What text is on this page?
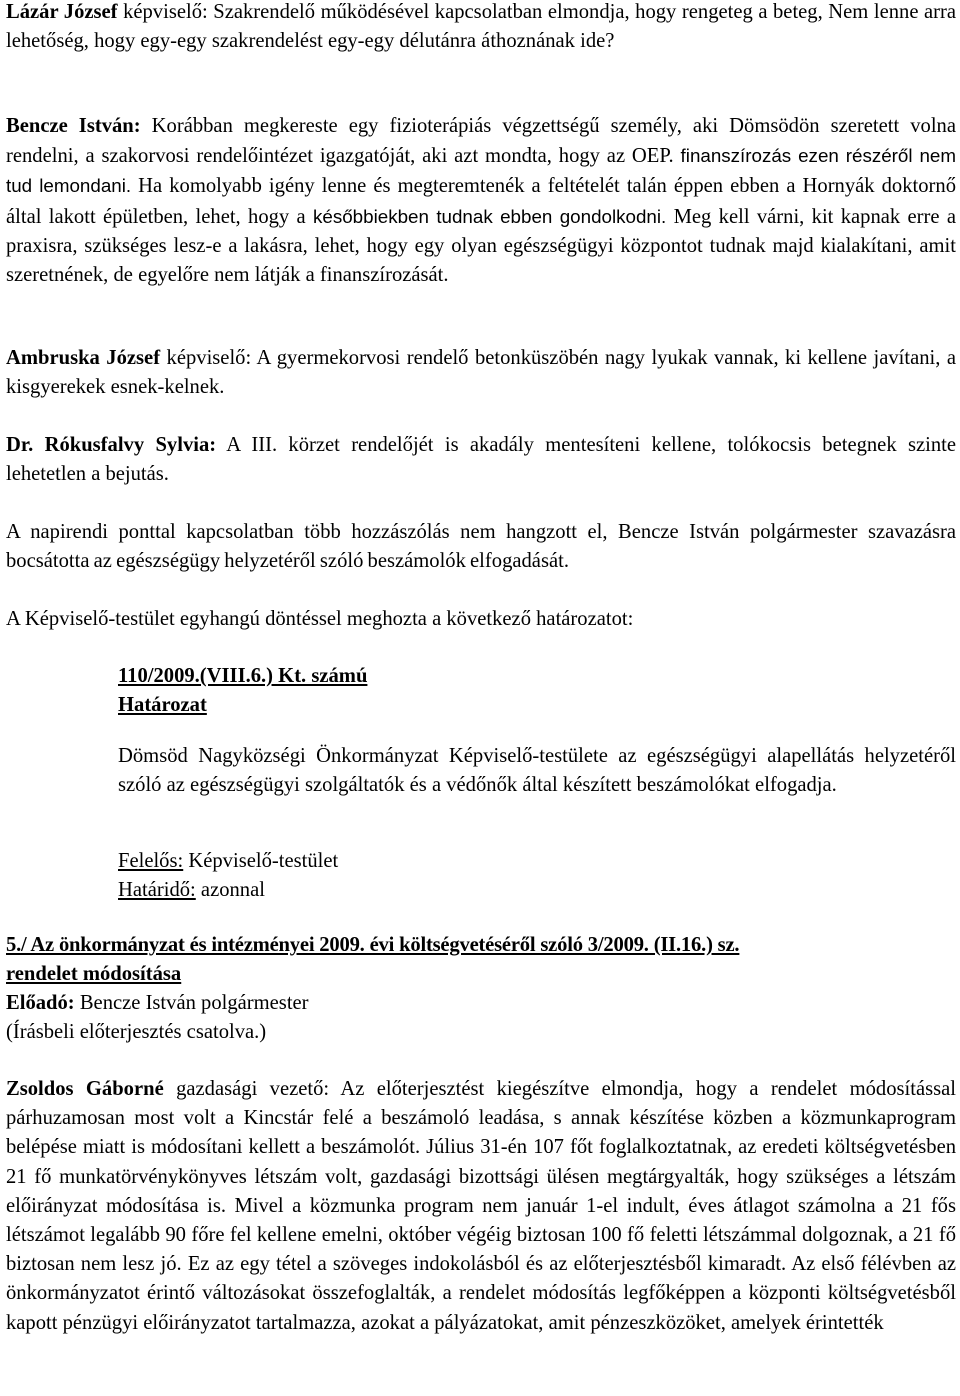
Lázár József képviselő: Szakrendelő működésével kapcsolatban elmondja, hogy rengeteg a beteg, Nem lenne arra lehetőség, hogy egy-egy szakrendelést egy-egy délutánra áthoznának ide?

Bencze István: Korábban megkereste egy fizioterápiás végzettségű személy, aki Dömsödön szeretett volna rendelni, a szakorvosi rendelőintézet igazgatóját, aki azt mondta, hogy az OEP. finanszírozás ezen részéről nem tud lemondani. Ha komolyabb igény lenne és megteremtenék a feltételét talán éppen ebben a Hornyák doktornő által lakott épületben, lehet, hogy a későbbiekben tudnak ebben gondolkodni. Meg kell várni, kit kapnak erre a praxisra, szükséges lesz-e a lakásra, lehet, hogy egy olyan egészségügyi központot tudnak majd kialakítani, amit szeretnének, de egyelőre nem látják a finanszírozását.

Ambruska József képviselő: A gyermekorvosi rendelő betonküszöbén nagy lyukak vannak, ki kellene javítani, a kisgyerekek esnek-kelnek.

Dr. Rókusfalvy Sylvia: A III. körzet rendelőjét is akadály mentesíteni kellene, tolókocsis betegnek szinte lehetetlen a bejutás.

A napirendi ponttal kapcsolatban több hozzászólás nem hangzott el, Bencze István polgármester szavazásra bocsátotta az egészségügy helyzetéről szóló beszámolók elfogadását.

A Képviselő-testület egyhangú döntéssel meghozta a következő határozatot:

110/2009.(VIII.6.) Kt. számú

Határozat

Dömsöd Nagyközségi Önkormányzat Képviselő-testülete az egészségügyi alapellátás helyzetéről szóló az egészségügyi szolgáltatók és a védőnők által készített beszámolókat elfogadja.

Felelős: Képviselő-testület

Határidő: azonnal

5./ Az önkormányzat és intézményei 2009. évi költségvetéséről szóló 3/2009. (II.16.) sz.

rendelet módosítása

Előadó: Bencze István polgármester

(Írásbeli előterjesztés csatolva.)

Zsoldos Gáborné gazdasági vezető: Az előterjesztést kiegészítve elmondja, hogy a rendelet módosítással párhuzamosan most volt a Kincstár felé a beszámoló leadása, s annak készítése közben a közmunkaprogram belépése miatt is módosítani kellett a beszámolót. Július 31-én 107 főt foglalkoztatnak, az eredeti költségvetésben 21 fő munkatörvénykönyves létszám volt, gazdasági bizottsági ülésen megtárgyalták, hogy szükséges a létszám előirányzat módosítása is. Mivel a közmunka program nem január 1-el indult, éves átlagot számolna a 21 fős létszámot legalább 90 főre fel kellene emelni, október végéig biztosan 100 fő feletti létszámmal dolgoznak, a 21 fő biztosan nem lesz jó. Ez az egy tétel a szöveges indokolásból és az előterjesztésből kimaradt. Az első félévben az önkormányzatot érintő változásokat összefoglalták, a rendelet módosítás legfőképpen a központi költségvetésből kapott pénzügyi előirányzatot tartalmazza, azokat a pályázatokat, amit pénzeszközöket, amelyek érintették
